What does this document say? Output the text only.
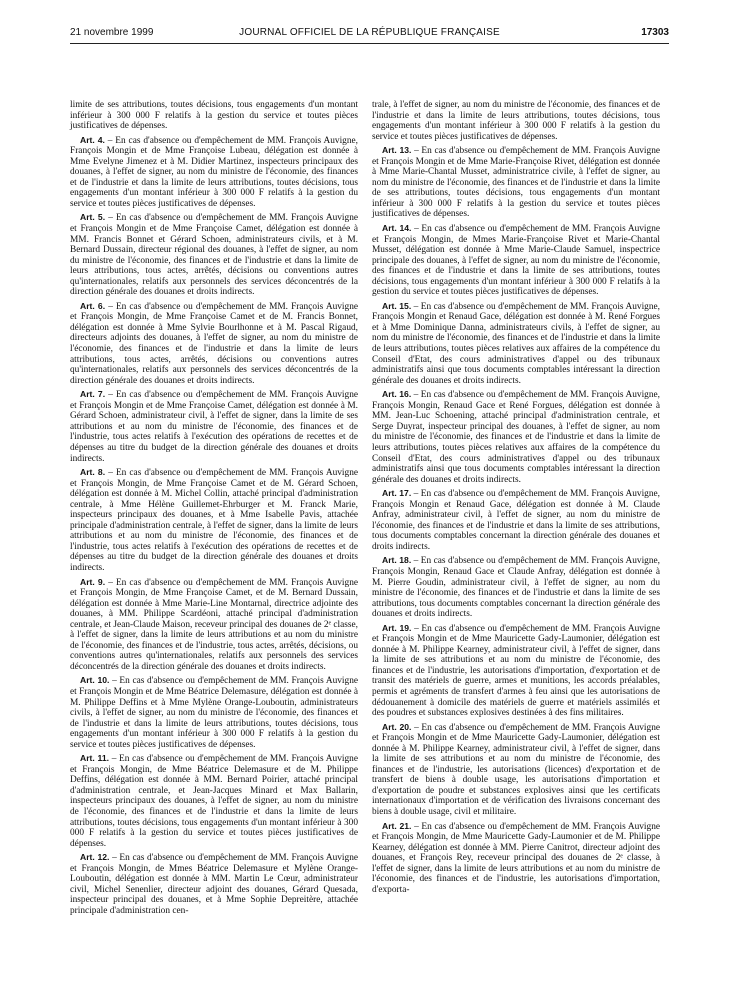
21 novembre 1999	JOURNAL OFFICIEL DE LA RÉPUBLIQUE FRANÇAISE	17303

limite de ses attributions, toutes décisions, tous engagements d'un montant inférieur à 300 000 F relatifs à la gestion du service et toutes pièces justificatives de dépenses.

Art. 4. – En cas d'absence ou d'empêchement de MM. François Auvigne, François Mongin et de Mme Françoise Lubeau, délégation est donnée à Mme Evelyne Jimenez et à M. Didier Martinez, inspecteurs principaux des douanes, à l'effet de signer, au nom du ministre de l'économie, des finances et de l'industrie et dans la limite de leurs attributions, toutes décisions, tous engagements d'un montant inférieur à 300 000 F relatifs à la gestion du service et toutes pièces justificatives de dépenses.

Art. 5. – En cas d'absence ou d'empêchement de MM. François Auvigne et François Mongin et de Mme Françoise Camet, délégation est donnée à MM. Francis Bonnet et Gérard Schoen, administrateurs civils, et à M. Bernard Dussain, directeur régional des douanes, à l'effet de signer, au nom du ministre de l'économie, des finances et de l'industrie et dans la limite de leurs attributions, tous actes, arrêtés, décisions ou conventions autres qu'internationales, relatifs aux personnels des services déconcentrés de la direction générale des douanes et droits indirects.

Art. 6. – En cas d'absence ou d'empêchement de MM. François Auvigne et François Mongin, de Mme Françoise Camet et de M. Francis Bonnet, délégation est donnée à Mme Sylvie Bourlhonne et à M. Pascal Rigaud, directeurs adjoints des douanes, à l'effet de signer, au nom du ministre de l'économie, des finances et de l'industrie et dans la limite de leurs attributions, tous actes, arrêtés, décisions ou conventions autres qu'internationales, relatifs aux personnels des services déconcentrés de la direction générale des douanes et droits indirects.

Art. 7. – En cas d'absence ou d'empêchement de MM. François Auvigne et François Mongin et de Mme Françoise Camet, délégation est donnée à M. Gérard Schoen, administrateur civil, à l'effet de signer, dans la limite de ses attributions et au nom du ministre de l'économie, des finances et de l'industrie, tous actes relatifs à l'exécution des opérations de recettes et de dépenses au titre du budget de la direction générale des douanes et droits indirects.

Art. 8. – En cas d'absence ou d'empêchement de MM. François Auvigne et François Mongin, de Mme Françoise Camet et de M. Gérard Schoen, délégation est donnée à M. Michel Collin, attaché principal d'administration centrale, à Mme Hélène Guillemet-Ehrburger et M. Franck Marie, inspecteurs principaux des douanes, et à Mme Isabelle Pavis, attachée principale d'administration centrale, à l'effet de signer, dans la limite de leurs attributions et au nom du ministre de l'économie, des finances et de l'industrie, tous actes relatifs à l'exécution des opérations de recettes et de dépenses au titre du budget de la direction générale des douanes et droits indirects.

Art. 9. – En cas d'absence ou d'empêchement de MM. François Auvigne et François Mongin, de Mme Françoise Camet, et de M. Bernard Dussain, délégation est donnée à Mme Marie-Line Montarnal, directrice adjointe des douanes, à MM. Philippe Scardéoni, attaché principal d'administration centrale, et Jean-Claude Maison, receveur principal des douanes de 2ᵉ classe, à l'effet de signer, dans la limite de leurs attributions et au nom du ministre de l'économie, des finances et de l'industrie, tous actes, arrêtés, décisions, ou conventions autres qu'internationales, relatifs aux personnels des services déconcentrés de la direction générale des douanes et droits indirects.

Art. 10. – En cas d'absence ou d'empêchement de MM. François Auvigne et François Mongin et de Mme Béatrice Delemasure, délégation est donnée à M. Philippe Deffins et à Mme Mylène Orange-Louboutin, administrateurs civils, à l'effet de signer, au nom du ministre de l'économie, des finances et de l'industrie et dans la limite de leurs attributions, toutes décisions, tous engagements d'un montant inférieur à 300 000 F relatifs à la gestion du service et toutes pièces justificatives de dépenses.

Art. 11. – En cas d'absence ou d'empêchement de MM. François Auvigne et François Mongin, de Mme Béatrice Delemasure et de M. Philippe Deffins, délégation est donnée à MM. Bernard Poirier, attaché principal d'administration centrale, et Jean-Jacques Minard et Max Ballarin, inspecteurs principaux des douanes, à l'effet de signer, au nom du ministre de l'économie, des finances et de l'industrie et dans la limite de leurs attributions, toutes décisions, tous engagements d'un montant inférieur à 300 000 F relatifs à la gestion du service et toutes pièces justificatives de dépenses.

Art. 12. – En cas d'absence ou d'empêchement de MM. François Auvigne et François Mongin, de Mmes Béatrice Delemasure et Mylène Orange-Louboutin, délégation est donnée à MM. Martin Le Cœur, administrateur civil, Michel Senenlier, directeur adjoint des douanes, Gérard Quesada, inspecteur principal des douanes, et à Mme Sophie Depreitère, attachée principale d'administration cen-

trale, à l'effet de signer, au nom du ministre de l'économie, des finances et de l'industrie et dans la limite de leurs attributions, toutes décisions, tous engagements d'un montant inférieur à 300 000 F relatifs à la gestion du service et toutes pièces justificatives de dépenses.

Art. 13. – En cas d'absence ou d'empêchement de MM. François Auvigne et François Mongin et de Mme Marie-Françoise Rivet, délégation est donnée à Mme Marie-Chantal Musset, administratrice civile, à l'effet de signer, au nom du ministre de l'économie, des finances et de l'industrie et dans la limite de ses attributions, toutes décisions, tous engagements d'un montant inférieur à 300 000 F relatifs à la gestion du service et toutes pièces justificatives de dépenses.

Art. 14. – En cas d'absence ou d'empêchement de MM. François Auvigne et François Mongin, de Mmes Marie-Françoise Rivet et Marie-Chantal Musset, délégation est donnée à Mme Marie-Claude Samuel, inspectrice principale des douanes, à l'effet de signer, au nom du ministre de l'économie, des finances et de l'industrie et dans la limite de ses attributions, toutes décisions, tous engagements d'un montant inférieur à 300 000 F relatifs à la gestion du service et toutes pièces justificatives de dépenses.

Art. 15. – En cas d'absence ou d'empêchement de MM. François Auvigne, François Mongin et Renaud Gace, délégation est donnée à M. René Forgues et à Mme Dominique Danna, administrateurs civils, à l'effet de signer, au nom du ministre de l'économie, des finances et de l'industrie et dans la limite de leurs attributions, toutes pièces relatives aux affaires de la compétence du Conseil d'Etat, des cours administratives d'appel ou des tribunaux administratifs ainsi que tous documents comptables intéressant la direction générale des douanes et droits indirects.

Art. 16. – En cas d'absence ou d'empêchement de MM. François Auvigne, François Mongin, Renaud Gace et René Forgues, délégation est donnée à MM. Jean-Luc Schoening, attaché principal d'administration centrale, et Serge Duyrat, inspecteur principal des douanes, à l'effet de signer, au nom du ministre de l'économie, des finances et de l'industrie et dans la limite de leurs attributions, toutes pièces relatives aux affaires de la compétence du Conseil d'Etat, des cours administratives d'appel ou des tribunaux administratifs ainsi que tous documents comptables intéressant la direction générale des douanes et droits indirects.

Art. 17. – En cas d'absence ou d'empêchement de MM. François Auvigne, François Mongin et Renaud Gace, délégation est donnée à M. Claude Anfray, administrateur civil, à l'effet de signer, au nom du ministre de l'économie, des finances et de l'industrie et dans la limite de ses attributions, tous documents comptables concernant la direction générale des douanes et droits indirects.

Art. 18. – En cas d'absence ou d'empêchement de MM. François Auvigne, François Mongin, Renaud Gace et Claude Anfray, délégation est donnée à M. Pierre Goudin, administrateur civil, à l'effet de signer, au nom du ministre de l'économie, des finances et de l'industrie et dans la limite de ses attributions, tous documents comptables concernant la direction générale des douanes et droits indirects.

Art. 19. – En cas d'absence ou d'empêchement de MM. François Auvigne et François Mongin et de Mme Mauricette Gady-Laumonier, délégation est donnée à M. Philippe Kearney, administrateur civil, à l'effet de signer, dans la limite de ses attributions et au nom du ministre de l'économie, des finances et de l'industrie, les autorisations d'importation, d'exportation et de transit des matériels de guerre, armes et munitions, les accords préalables, permis et agréments de transfert d'armes à feu ainsi que les autorisations de dédouanement à domicile des matériels de guerre et matériels assimilés et des poudres et substances explosives destinées à des fins militaires.

Art. 20. – En cas d'absence ou d'empêchement de MM. François Auvigne et François Mongin et de Mme Mauricette Gady-Laumonier, délégation est donnée à M. Philippe Kearney, administrateur civil, à l'effet de signer, dans la limite de ses attributions et au nom du ministre de l'économie, des finances et de l'industrie, les autorisations (licences) d'exportation et de transfert de biens à double usage, les autorisations d'importation et d'exportation de poudre et substances explosives ainsi que les certificats internationaux d'importation et de vérification des livraisons concernant des biens à double usage, civil et militaire.

Art. 21. – En cas d'absence ou d'empêchement de MM. François Auvigne et François Mongin, de Mme Mauricette Gady-Laumonier et de M. Philippe Kearney, délégation est donnée à MM. Pierre Canitrot, directeur adjoint des douanes, et François Rey, receveur principal des douanes de 2ᵉ classe, à l'effet de signer, dans la limite de leurs attributions et au nom du ministre de l'économie, des finances et de l'industrie, les autorisations d'importation, d'exporta-
